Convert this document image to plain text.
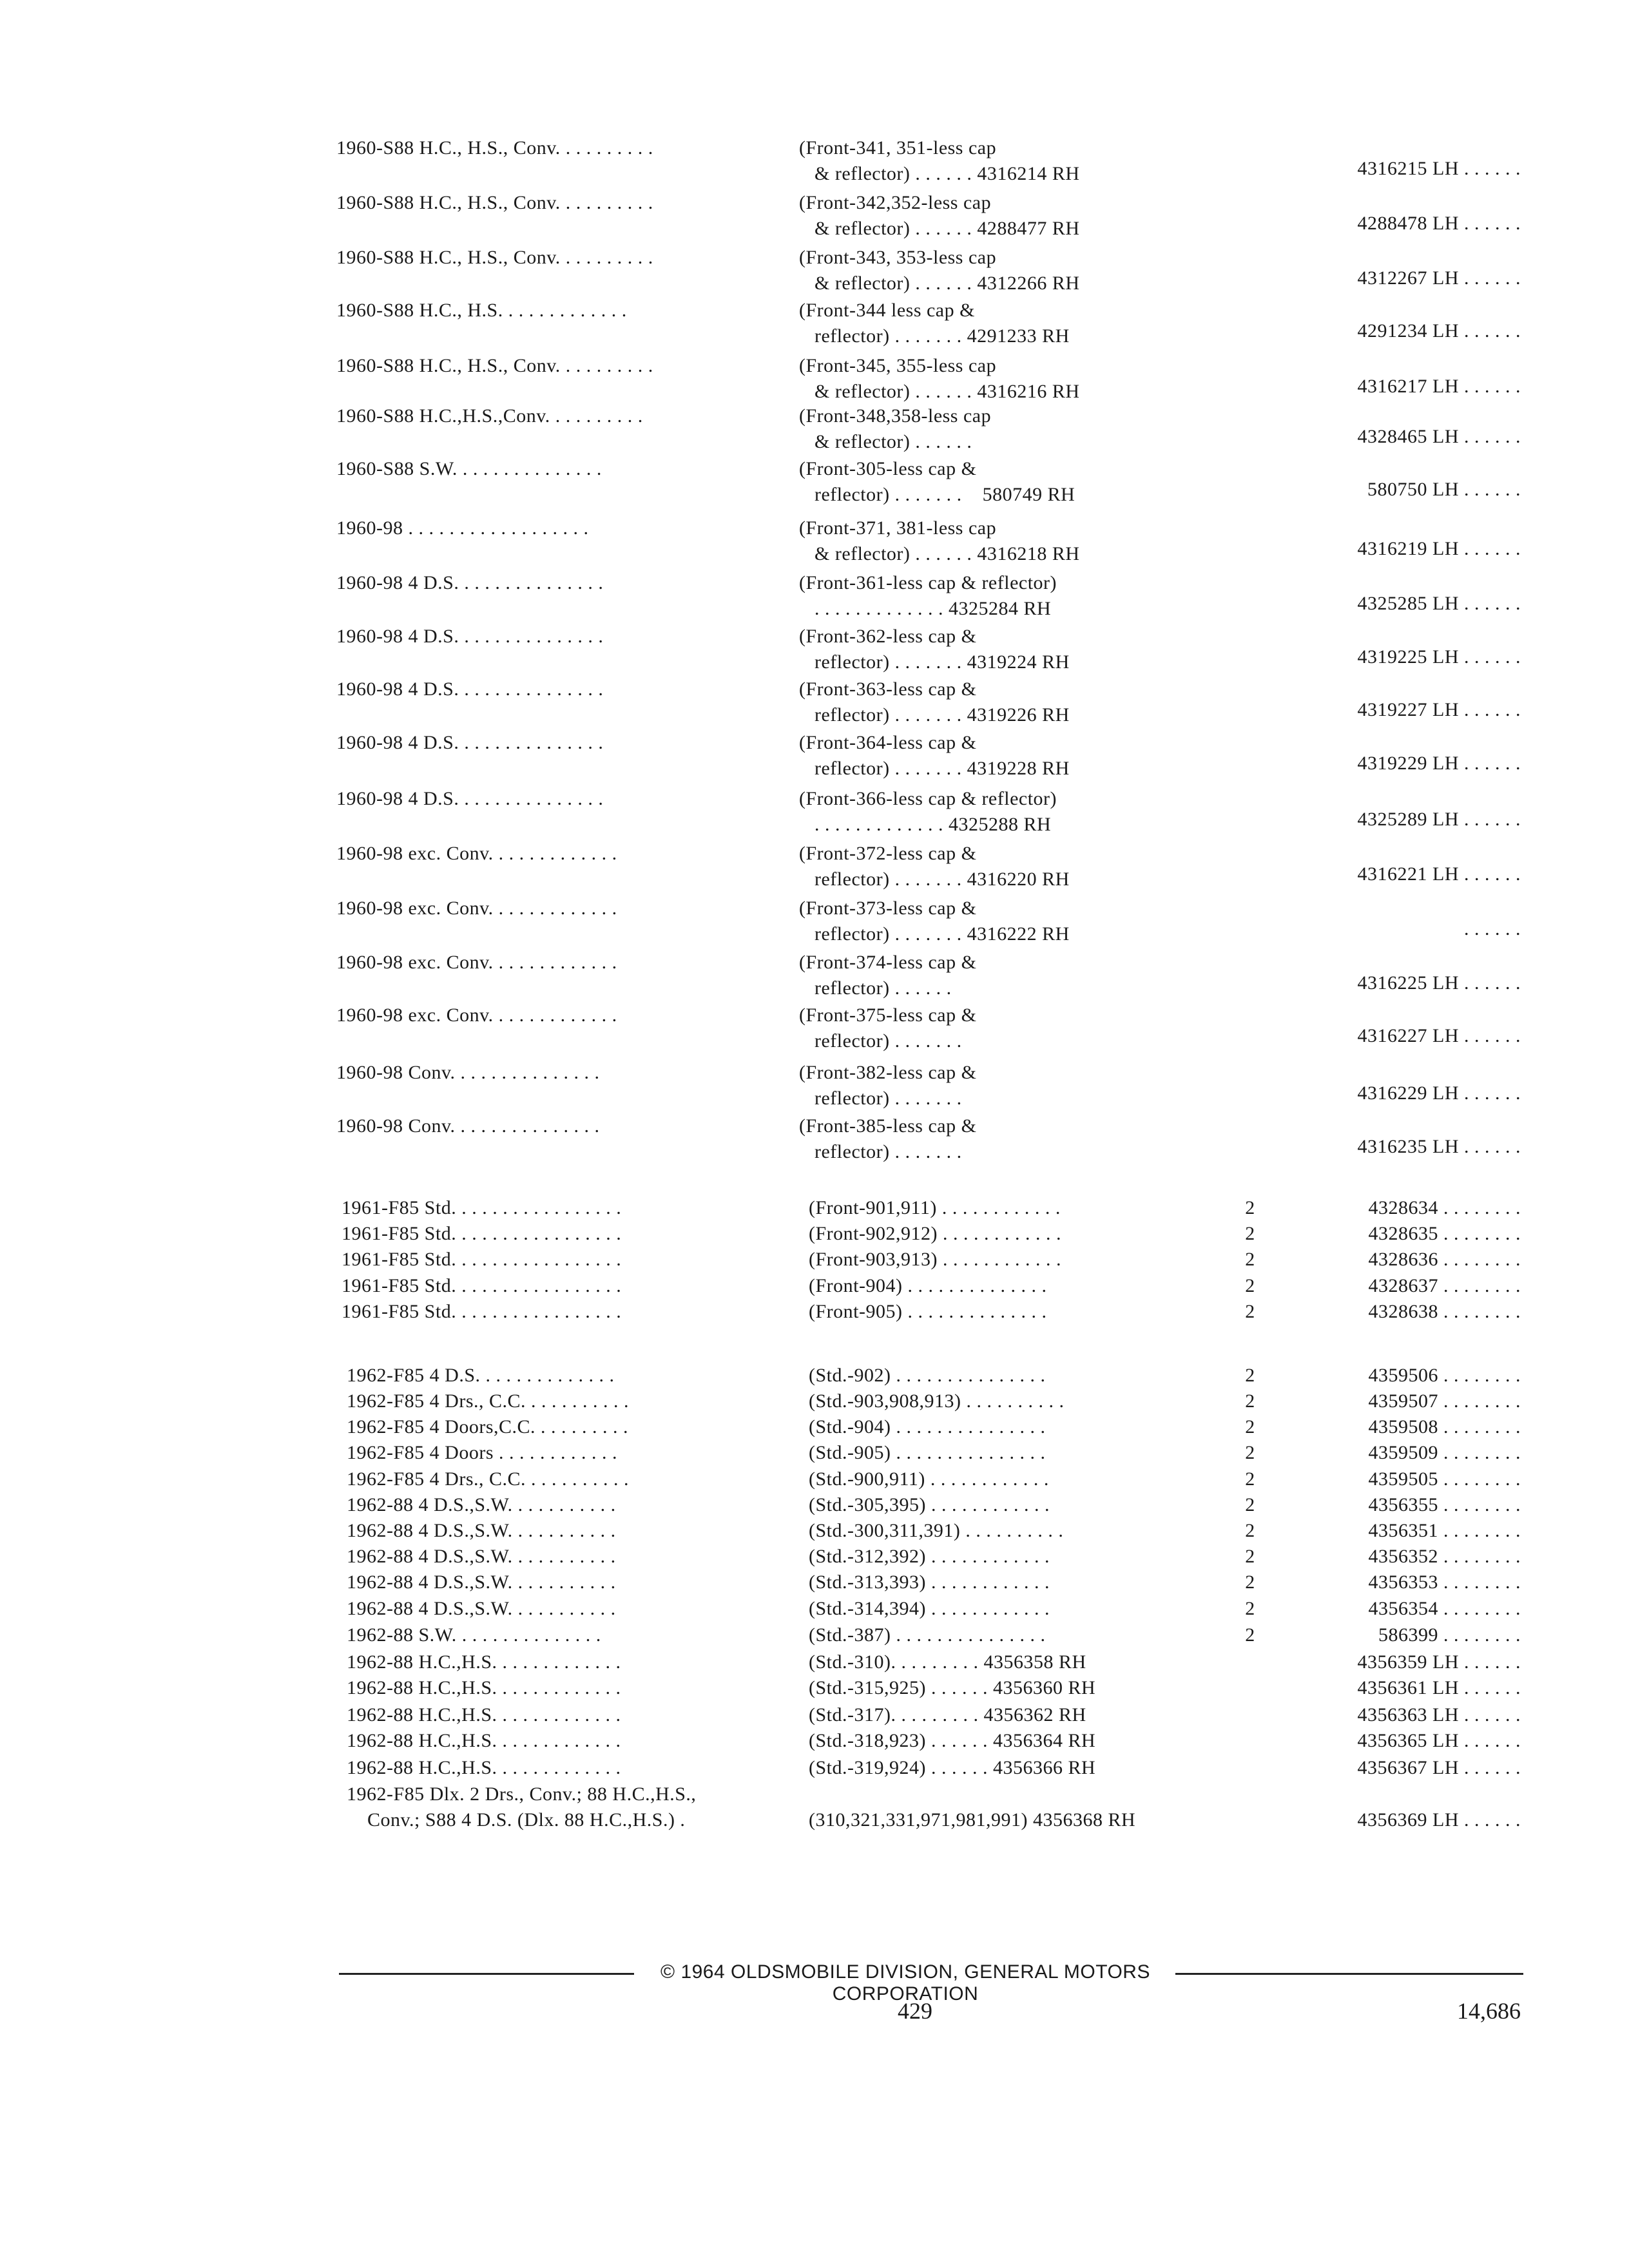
1960-S88 H.C., H.S., Conv. . . . . . . . . .	(Front-341, 351-less cap
& reflector) . . . . . . 4316214 RH	4316215 LH . . . . . .
1960-S88 H.C., H.S., Conv. . . . . . . . . .	(Front-342,352-less cap
& reflector) . . . . . . 4288477 RH	4288478 LH . . . . . .
1960-S88 H.C., H.S., Conv. . . . . . . . . .	(Front-343, 353-less cap
& reflector) . . . . . . 4312266 RH	4312267 LH . . . . . .
1960-S88 H.C., H.S. . . . . . . . . . . . .	(Front-344 less cap &
reflector) . . . . . . . 4291233 RH	4291234 LH . . . . . .
1960-S88 H.C., H.S., Conv. . . . . . . . . .	(Front-345, 355-less cap
& reflector) . . . . . . 4316216 RH	4316217 LH . . . . . .
1960-S88 H.C.,H.S.,Conv. . . . . . . . . .	(Front-348,358-less cap
& reflector) . . . . . .	4328465 LH . . . . . .
1960-S88 S.W. . . . . . . . . . . . . . .	(Front-305-less cap &
reflector) . . . . . . .    580749 RH	580750 LH . . . . . .
1960-98 . . . . . . . . . . . . . . . . . .	(Front-371, 381-less cap
& reflector) . . . . . . 4316218 RH	4316219 LH . . . . . .
1960-98 4 D.S. . . . . . . . . . . . . . .	(Front-361-less cap & reflector)
. . . . . . . . . . . . . 4325284 RH	4325285 LH . . . . . .
1960-98 4 D.S. . . . . . . . . . . . . . .	(Front-362-less cap &
reflector) . . . . . . . 4319224 RH	4319225 LH . . . . . .
1960-98 4 D.S. . . . . . . . . . . . . . .	(Front-363-less cap &
reflector) . . . . . . . 4319226 RH	4319227 LH . . . . . .
1960-98 4 D.S. . . . . . . . . . . . . . .	(Front-364-less cap &
reflector) . . . . . . . 4319228 RH	4319229 LH . . . . . .
1960-98 4 D.S. . . . . . . . . . . . . . .	(Front-366-less cap & reflector)
. . . . . . . . . . . . . 4325288 RH	4325289 LH . . . . . .
1960-98 exc. Conv. . . . . . . . . . . . .	(Front-372-less cap &
reflector) . . . . . . . 4316220 RH	4316221 LH . . . . . .
1960-98 exc. Conv. . . . . . . . . . . . .	(Front-373-less cap &
reflector) . . . . . . . 4316222 RH	. . . . . .
1960-98 exc. Conv. . . . . . . . . . . . .	(Front-374-less cap &
reflector) . . . . . .	4316225 LH . . . . . .
1960-98 exc. Conv. . . . . . . . . . . . .	(Front-375-less cap &
reflector) . . . . . . .	4316227 LH . . . . . .
1960-98 Conv. . . . . . . . . . . . . . .	(Front-382-less cap &
reflector) . . . . . . .	4316229 LH . . . . . .
1960-98 Conv. . . . . . . . . . . . . . .	(Front-385-less cap &
reflector) . . . . . . .	4316235 LH . . . . . .
1961-F85 Std. . . . . . . . . . . . . . . . .	(Front-901,911) . . . . . . . . . . . .	2	4328634 . . . . . . . .
1961-F85 Std. . . . . . . . . . . . . . . . .	(Front-902,912) . . . . . . . . . . . .	2	4328635 . . . . . . . .
1961-F85 Std. . . . . . . . . . . . . . . . .	(Front-903,913) . . . . . . . . . . . .	2	4328636 . . . . . . . .
1961-F85 Std. . . . . . . . . . . . . . . . .	(Front-904) . . . . . . . . . . . . . .	2	4328637 . . . . . . . .
1961-F85 Std. . . . . . . . . . . . . . . . .	(Front-905) . . . . . . . . . . . . . .	2	4328638 . . . . . . . .
1962-F85 4 D.S. . . . . . . . . . . . . .	(Std.-902) . . . . . . . . . . . . . . .	2	4359506 . . . . . . . .
1962-F85 4 Drs., C.C. . . . . . . . . . .	(Std.-903,908,913) . . . . . . . . . .	2	4359507 . . . . . . . .
1962-F85 4 Doors,C.C. . . . . . . . . .	(Std.-904) . . . . . . . . . . . . . . .	2	4359508 . . . . . . . .
1962-F85 4 Doors . . . . . . . . . . . .	(Std.-905) . . . . . . . . . . . . . . .	2	4359509 . . . . . . . .
1962-F85 4 Drs., C.C. . . . . . . . . . .	(Std.-900,911) . . . . . . . . . . . .	2	4359505 . . . . . . . .
1962-88 4 D.S.,S.W. . . . . . . . . . .	(Std.-305,395) . . . . . . . . . . . .	2	4356355 . . . . . . . .
1962-88 4 D.S.,S.W. . . . . . . . . . .	(Std.-300,311,391) . . . . . . . . . .	2	4356351 . . . . . . . .
1962-88 4 D.S.,S.W. . . . . . . . . . .	(Std.-312,392) . . . . . . . . . . . .	2	4356352 . . . . . . . .
1962-88 4 D.S.,S.W. . . . . . . . . . .	(Std.-313,393) . . . . . . . . . . . .	2	4356353 . . . . . . . .
1962-88 4 D.S.,S.W. . . . . . . . . . .	(Std.-314,394) . . . . . . . . . . . .	2	4356354 . . . . . . . .
1962-88 S.W. . . . . . . . . . . . . . .	(Std.-387) . . . . . . . . . . . . . . .	2	586399 . . . . . . . .
1962-88 H.C.,H.S. . . . . . . . . . . . .	(Std.-310). . . . . . . . . 4356358 RH	4356359 LH . . . . . .
1962-88 H.C.,H.S. . . . . . . . . . . . .	(Std.-315,925) . . . . . . 4356360 RH	4356361 LH . . . . . .
1962-88 H.C.,H.S. . . . . . . . . . . . .	(Std.-317). . . . . . . . . 4356362 RH	4356363 LH . . . . . .
1962-88 H.C.,H.S. . . . . . . . . . . . .	(Std.-318,923) . . . . . . 4356364 RH	4356365 LH . . . . . .
1962-88 H.C.,H.S. . . . . . . . . . . . .	(Std.-319,924) . . . . . . 4356366 RH	4356367 LH . . . . . .
1962-F85 Dlx. 2 Drs., Conv.; 88 H.C.,H.S.,
Conv.; S88 4 D.S. (Dlx. 88 H.C.,H.S.) .	(310,321,331,971,981,991) 4356368 RH	4356369 LH . . . . . .
© 1964 OLDSMOBILE DIVISION, GENERAL MOTORS CORPORATION
429	14,686
